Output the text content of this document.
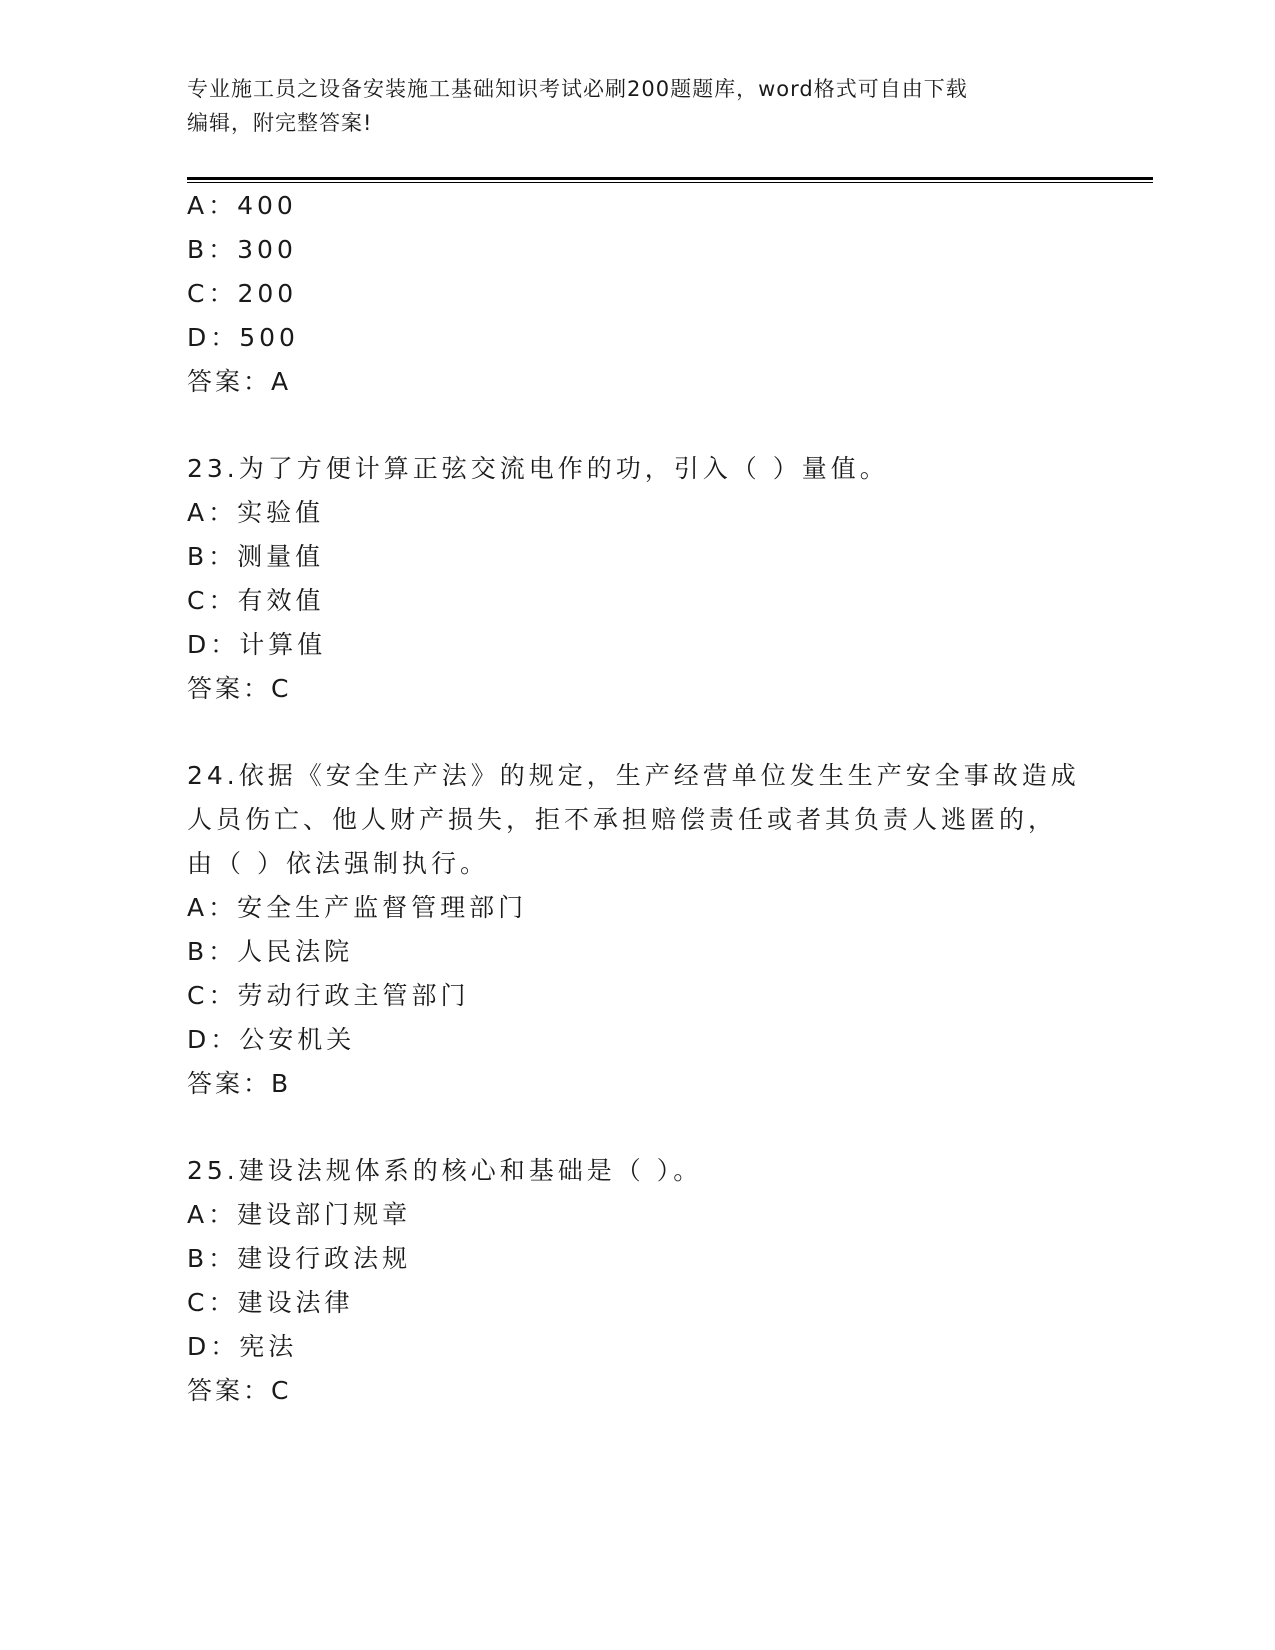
专业施工员之设备安装施工基础知识考试必刷200题题库，word格式可自由下载
编辑，附完整答案!
A：400
B：300
C：200
D：500
答案：A
23.为了方便计算正弦交流电作的功，引入（ ）量值。
A：实验值
B：测量值
C：有效值
D：计算值
答案：C
24.依据《安全生产法》的规定，生产经营单位发生生产安全事故造成
人员伤亡、他人财产损失，拒不承担赔偿责任或者其负责人逃匿的，
由（ ）依法强制执行。
A：安全生产监督管理部门
B：人民法院
C：劳动行政主管部门
D：公安机关
答案：B
25.建设法规体系的核心和基础是（ ）。
A：建设部门规章
B：建设行政法规
C：建设法律
D：宪法
答案：C
